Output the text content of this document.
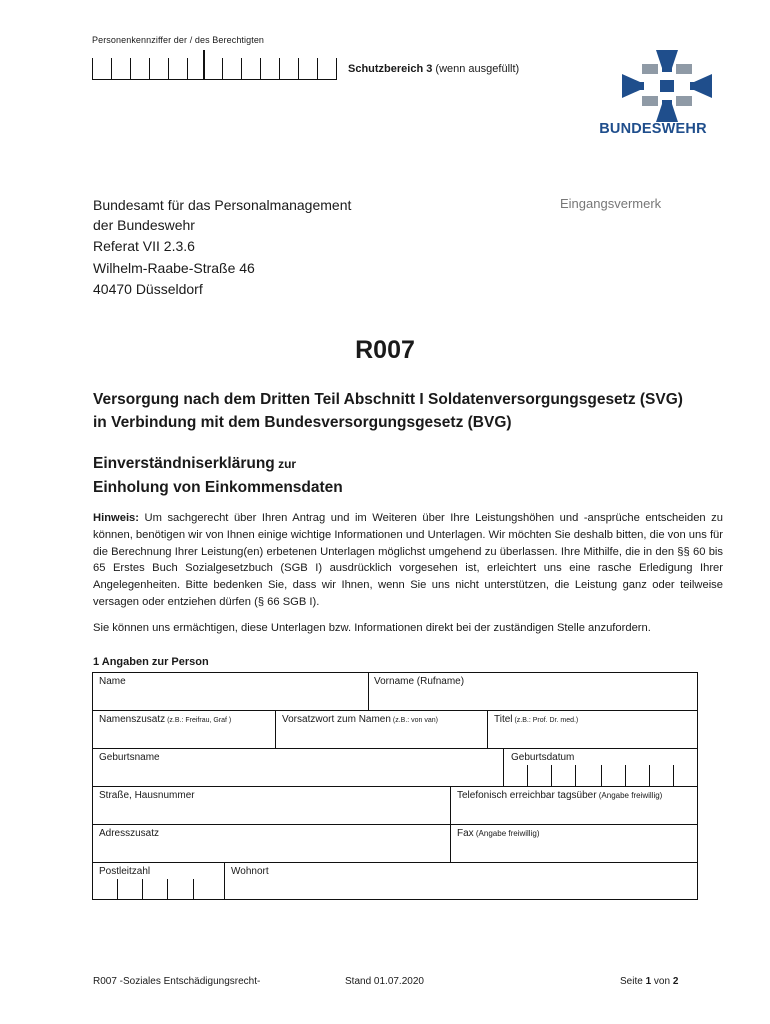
Personenkennziffer der / des Berechtigten
Schutzbereich 3 (wenn ausgefüllt)
BUNDESWEHR
Bundesamt für das Personalmanagement
der Bundeswehr
Referat VII 2.3.6
Wilhelm-Raabe-Straße 46
40470 Düsseldorf
Eingangsvermerk
R007
Versorgung nach dem Dritten Teil Abschnitt I Soldatenversorgungsgesetz (SVG)
in Verbindung mit dem Bundesversorgungsgesetz (BVG)
Einverständniserklärung zur
Einholung von Einkommensdaten
Hinweis: Um sachgerecht über Ihren Antrag und im Weiteren über Ihre Leistungshöhen und -ansprüche entscheiden zu können, benötigen wir von Ihnen einige wichtige Informationen und Unterlagen. Wir möchten Sie deshalb bitten, die von uns für die Berechnung Ihrer Leistung(en) erbetenen Unterlagen möglichst umgehend zu überlassen. Ihre Mithilfe, die in den §§ 60 bis 65 Erstes Buch Sozialgesetzbuch (SGB I) ausdrücklich vorgesehen ist, erleichtert uns eine rasche Erledigung Ihrer Angelegenheiten. Bitte bedenken Sie, dass wir Ihnen, wenn Sie uns nicht unterstützen, die Leistung ganz oder teilweise versagen oder entziehen dürfen (§ 66 SGB I).
Sie können uns ermächtigen, diese Unterlagen bzw. Informationen direkt bei der zuständigen Stelle anzufordern.
1 Angaben zur Person
Name	Vorname (Rufname)
Namenszusatz (z.B.: Freifrau, Graf )	Vorsatzwort zum Namen (z.B.: von van)	Titel (z.B.: Prof. Dr. med.)
Geburtsname	Geburtsdatum
Straße, Hausnummer	Telefonisch erreichbar tagsüber (Angabe freiwillig)
Adresszusatz	Fax (Angabe freiwillig)
Postleitzahl	Wohnort
R007 -Soziales Entschädigungsrecht-	Stand 01.07.2020	Seite 1 von 2
